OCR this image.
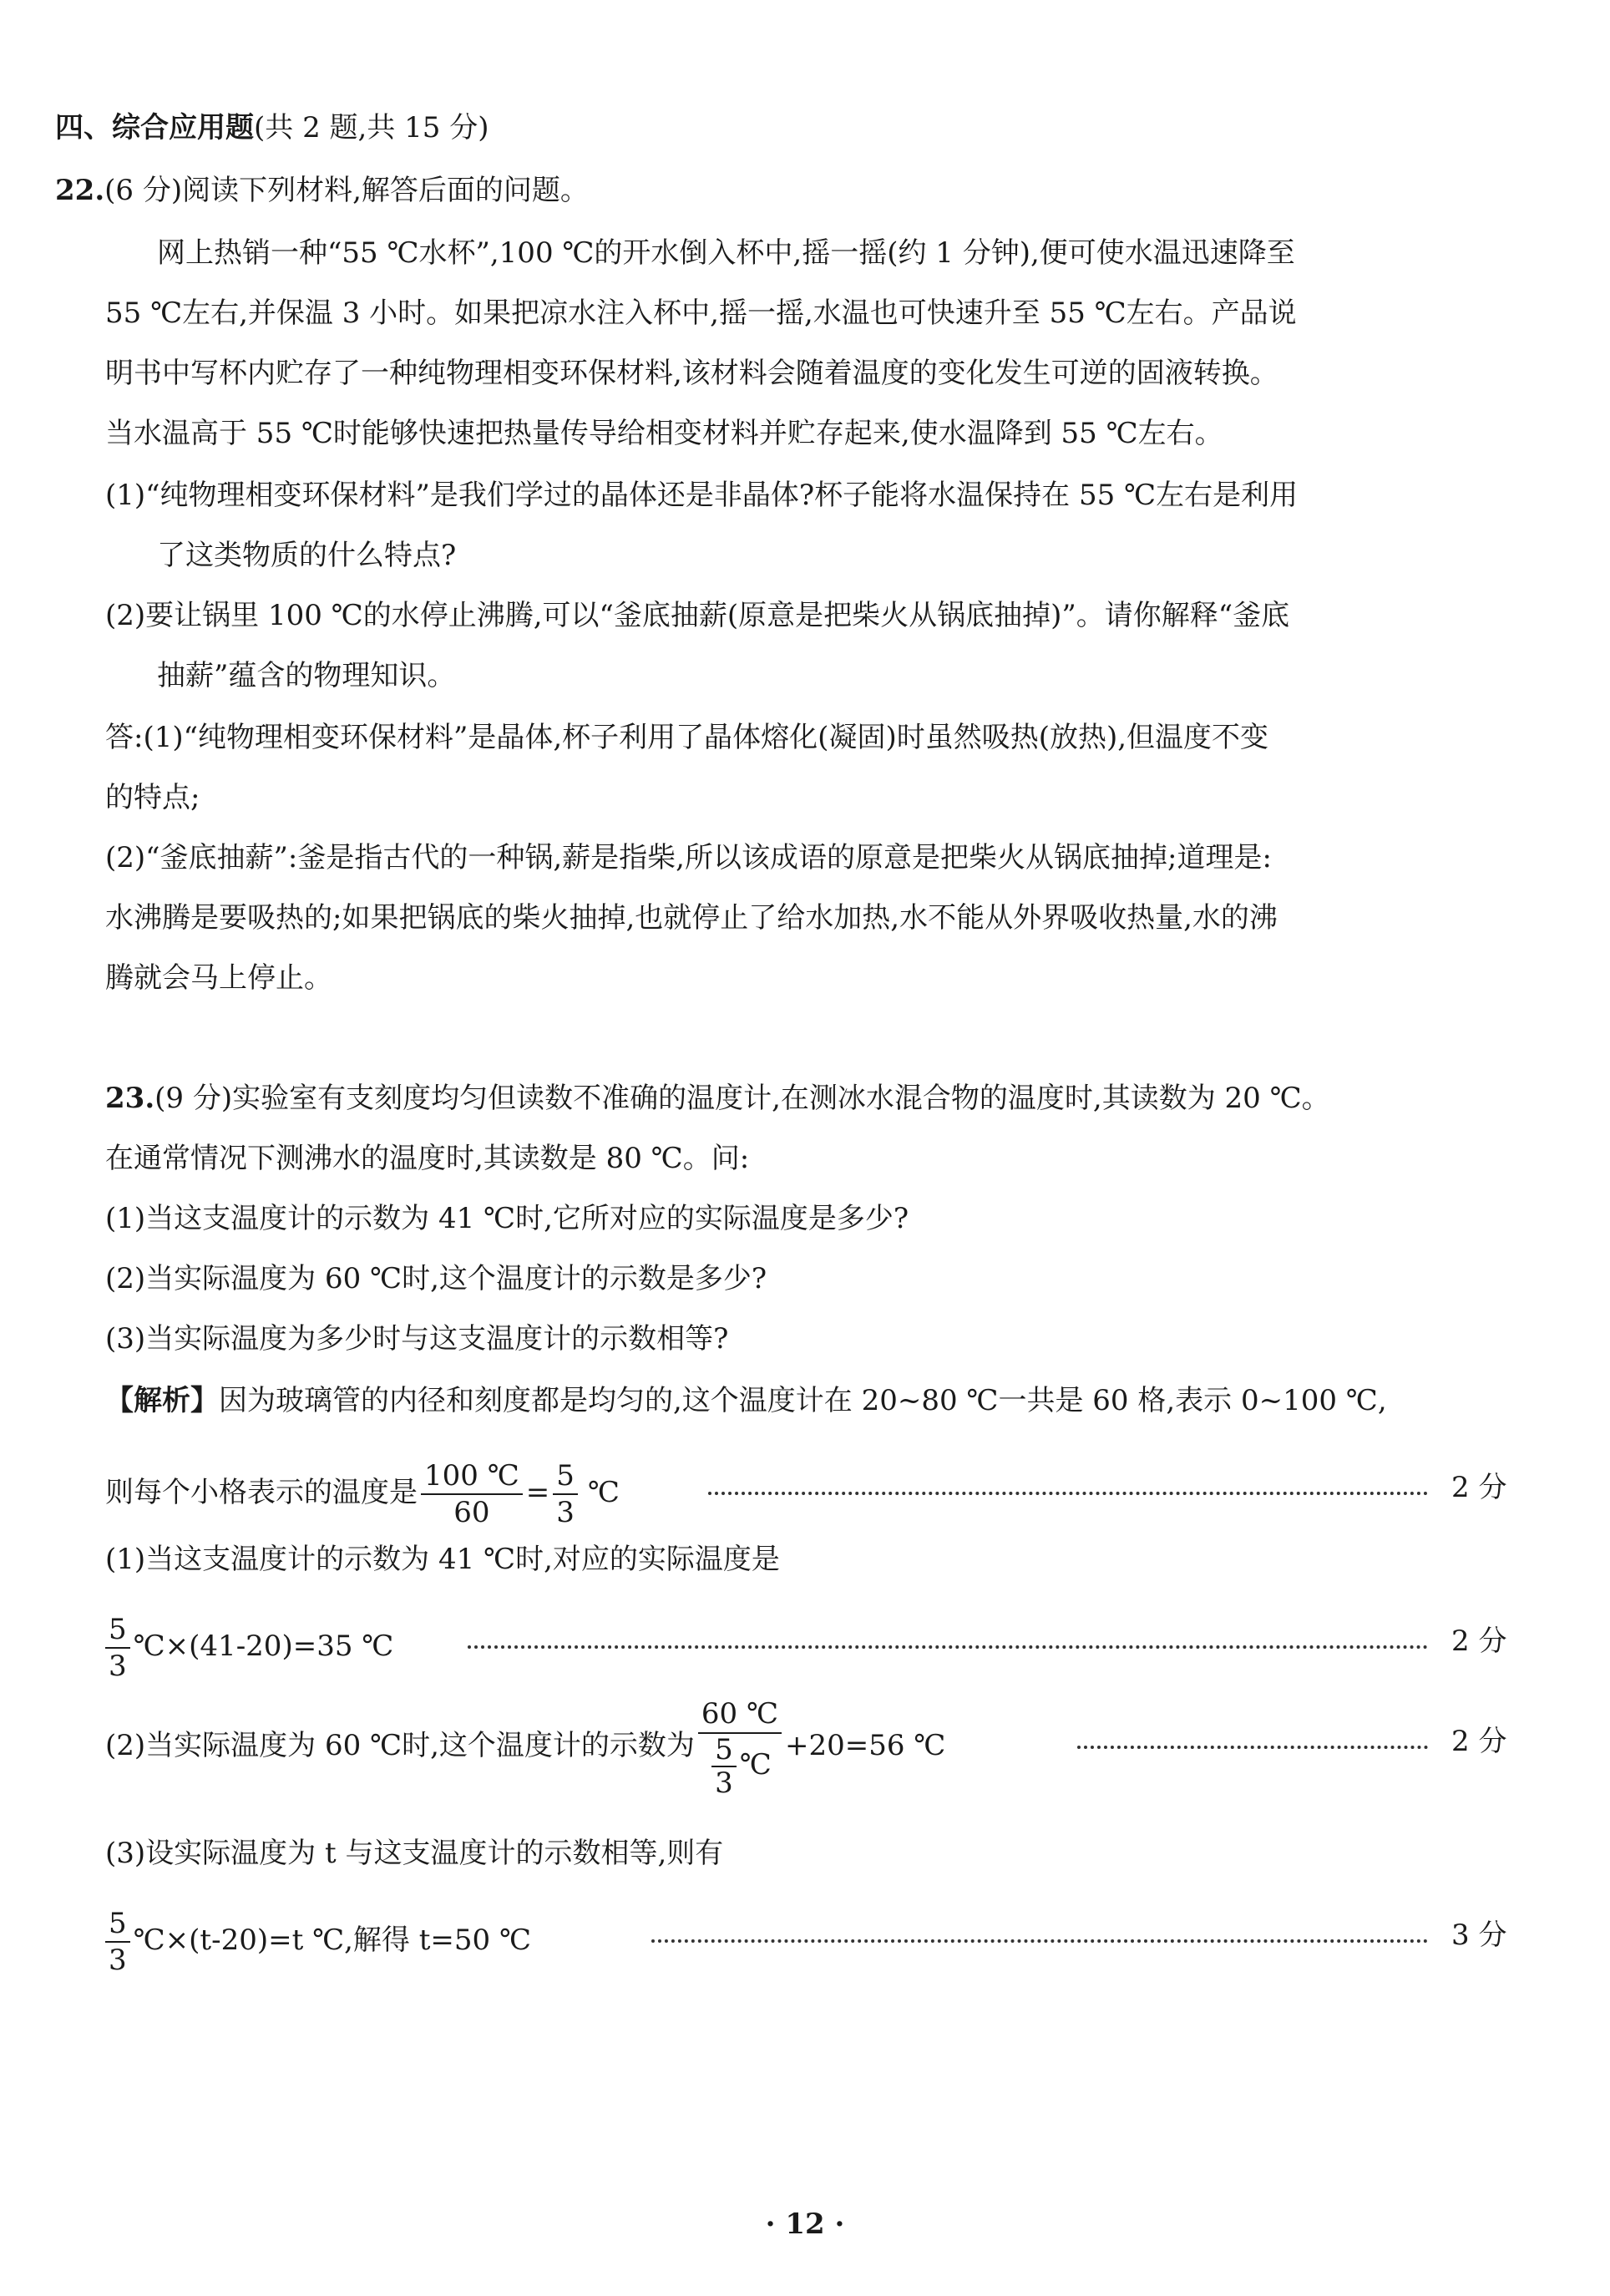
四、综合应用题(共 2 题,共 15 分)
22.(6 分)阅读下列材料,解答后面的问题。
网上热销一种“55 ℃水杯”,100 ℃的开水倒入杯中,摇一摇(约 1 分钟),便可使水温迅速降至
55 ℃左右,并保温 3 小时。如果把凉水注入杯中,摇一摇,水温也可快速升至 55 ℃左右。产品说
明书中写杯内贮存了一种纯物理相变环保材料,该材料会随着温度的变化发生可逆的固液转换。
当水温高于 55 ℃时能够快速把热量传导给相变材料并贮存起来,使水温降到 55 ℃左右。
(1)“纯物理相变环保材料”是我们学过的晶体还是非晶体?杯子能将水温保持在 55 ℃左右是利用
了这类物质的什么特点?
(2)要让锅里 100 ℃的水停止沸腾,可以“釜底抽薪(原意是把柴火从锅底抽掉)”。请你解释“釜底
抽薪”蕴含的物理知识。
答:(1)“纯物理相变环保材料”是晶体,杯子利用了晶体熔化(凝固)时虽然吸热(放热),但温度不变
的特点;
(2)“釜底抽薪”:釜是指古代的一种锅,薪是指柴,所以该成语的原意是把柴火从锅底抽掉;道理是:
水沸腾是要吸热的;如果把锅底的柴火抽掉,也就停止了给水加热,水不能从外界吸收热量,水的沸
腾就会马上停止。
23.(9 分)实验室有支刻度均匀但读数不准确的温度计,在测冰水混合物的温度时,其读数为 20 ℃。
在通常情况下测沸水的温度时,其读数是 80 ℃。问:
(1)当这支温度计的示数为 41 ℃时,它所对应的实际温度是多少?
(2)当实际温度为 60 ℃时,这个温度计的示数是多少?
(3)当实际温度为多少时与这支温度计的示数相等?
【解析】因为玻璃管的内径和刻度都是均匀的,这个温度计在 20~80 ℃一共是 60 格,表示 0~100 ℃,
则每个小格表示的温度是 $\frac{100 ℃}{60} = \frac{5}{3}$ ℃	2 分
(1)当这支温度计的示数为 41 ℃时,对应的实际温度是
$\frac{5}{3}$ ℃×(41-20)=35 ℃	2 分
(2)当实际温度为 60 ℃时,这个温度计的示数为 $\frac{60 ℃}{\frac{5}{3} ℃} +20=56$ ℃	2 分
(3)设实际温度为 t 与这支温度计的示数相等,则有
$\frac{5}{3}$ ℃×(t-20)=t ℃,解得 t=50 ℃	3 分
· 12 ·
